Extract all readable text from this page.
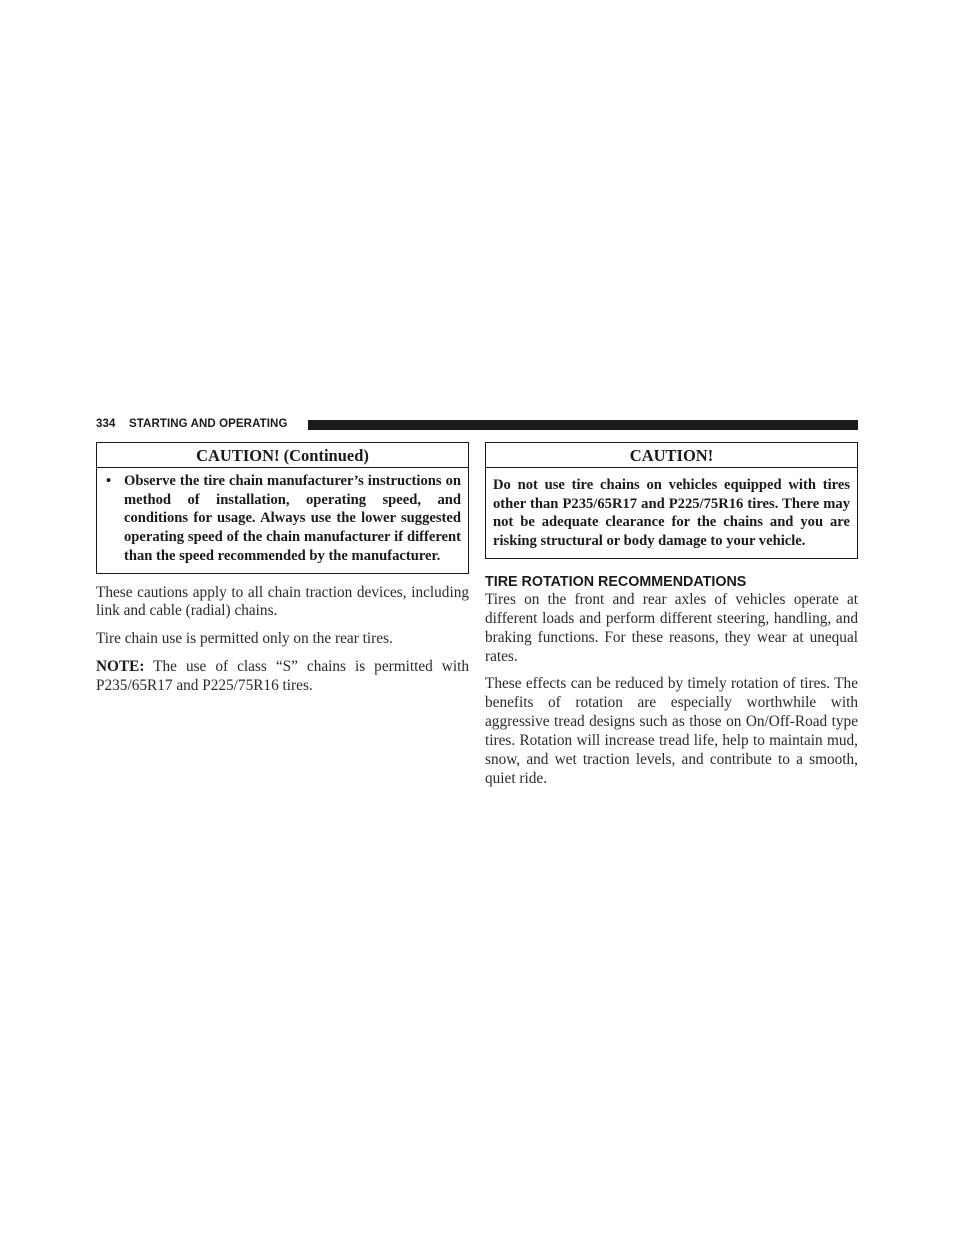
334 STARTING AND OPERATING
CAUTION! (Continued)
• Observe the tire chain manufacturer’s instructions on method of installation, operating speed, and conditions for usage. Always use the lower suggested operating speed of the chain manufacturer if different than the speed recommended by the manufacturer.

These cautions apply to all chain traction devices, including link and cable (radial) chains.

Tire chain use is permitted only on the rear tires.

NOTE: The use of class “S” chains is permitted with P235/65R17 and P225/75R16 tires.

CAUTION!
Do not use tire chains on vehicles equipped with tires other than P235/65R17 and P225/75R16 tires. There may not be adequate clearance for the chains and you are risking structural or body damage to your vehicle.
TIRE ROTATION RECOMMENDATIONS

Tires on the front and rear axles of vehicles operate at different loads and perform different steering, handling, and braking functions. For these reasons, they wear at unequal rates.

These effects can be reduced by timely rotation of tires. The benefits of rotation are especially worthwhile with aggressive tread designs such as those on On/Off-Road type tires. Rotation will increase tread life, help to maintain mud, snow, and wet traction levels, and contribute to a smooth, quiet ride.
